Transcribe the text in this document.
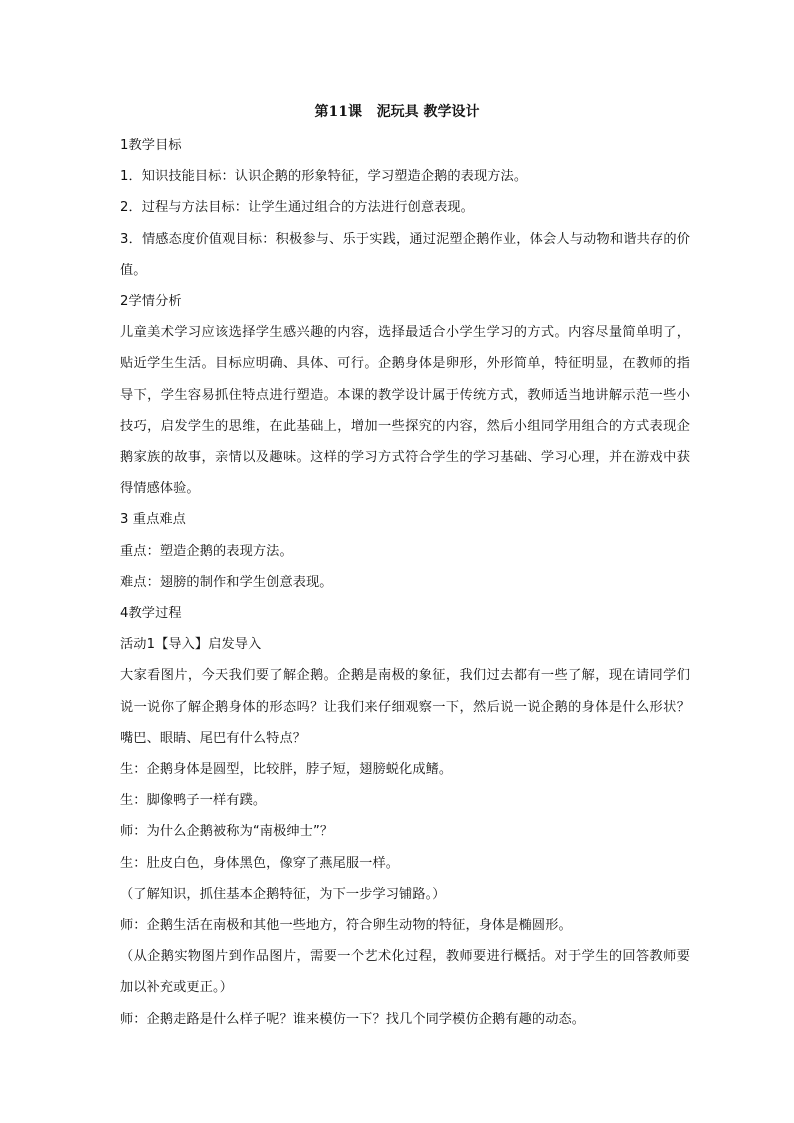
第11课   泥玩具 教学设计

1教学目标

1．知识技能目标：认识企鹅的形象特征，学习塑造企鹅的表现方法。

2．过程与方法目标：让学生通过组合的方法进行创意表现。

3．情感态度价值观目标：积极参与、乐于实践，通过泥塑企鹅作业，体会人与动物和谐共存的价值。

2学情分析

儿童美术学习应该选择学生感兴趣的内容，选择最适合小学生学习的方式。内容尽量简单明了，贴近学生生活。目标应明确、具体、可行。企鹅身体是卵形，外形简单，特征明显，在教师的指导下，学生容易抓住特点进行塑造。本课的教学设计属于传统方式，教师适当地讲解示范一些小技巧，启发学生的思维，在此基础上，增加一些探究的内容，然后小组同学用组合的方式表现企鹅家族的故事，亲情以及趣味。这样的学习方式符合学生的学习基础、学习心理，并在游戏中获得情感体验。

3 重点难点

重点：塑造企鹅的表现方法。

难点：翅膀的制作和学生创意表现。

4教学过程

活动1【导入】启发导入

大家看图片，今天我们要了解企鹅。企鹅是南极的象征，我们过去都有一些了解，现在请同学们说一说你了解企鹅身体的形态吗？让我们来仔细观察一下，然后说一说企鹅的身体是什么形状？嘴巴、眼睛、尾巴有什么特点？

生：企鹅身体是圆型，比较胖，脖子短，翅膀蜕化成鳍。

生：脚像鸭子一样有蹼。

师：为什么企鹅被称为“南极绅士”？

生：肚皮白色，身体黑色，像穿了燕尾服一样。

（了解知识，抓住基本企鹅特征，为下一步学习铺路。）

师：企鹅生活在南极和其他一些地方，符合卵生动物的特征，身体是椭圆形。

（从企鹅实物图片到作品图片，需要一个艺术化过程，教师要进行概括。对于学生的回答教师要加以补充或更正。）

师：企鹅走路是什么样子呢？谁来模仿一下？找几个同学模仿企鹅有趣的动态。
